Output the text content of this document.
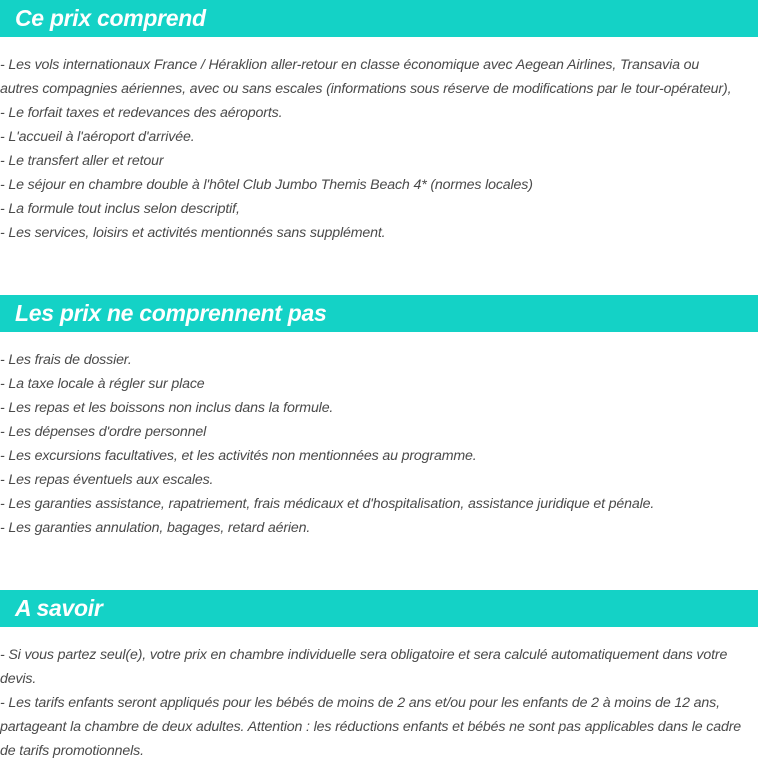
Ce prix comprend
- Les vols internationaux France / Héraklion aller-retour en classe économique avec Aegean Airlines, Transavia ou
autres compagnies aériennes, avec ou sans escales (informations sous réserve de modifications par le tour-opérateur),
- Le forfait taxes et redevances des aéroports.
- L'accueil à l'aéroport d'arrivée.
- Le transfert aller et retour
- Le séjour en chambre double à l'hôtel Club Jumbo Themis Beach 4* (normes locales)
- La formule tout inclus selon descriptif,
- Les services, loisirs et activités mentionnés sans supplément.
Les prix ne comprennent pas
- Les frais de dossier.
- La taxe locale à régler sur place
- Les repas et les boissons non inclus dans la formule.
- Les dépenses d'ordre personnel
- Les excursions facultatives, et les activités non mentionnées au programme.
- Les repas éventuels aux escales.
- Les garanties assistance, rapatriement, frais médicaux et d'hospitalisation, assistance juridique et pénale.
- Les garanties annulation, bagages, retard aérien.
A savoir
- Si vous partez seul(e), votre prix en chambre individuelle sera obligatoire et sera calculé automatiquement dans votre devis.
- Les tarifs enfants seront appliqués pour les bébés de moins de 2 ans et/ou pour les enfants de 2 à moins de 12 ans, partageant la chambre de deux adultes. Attention : les réductions enfants et bébés ne sont pas applicables dans le cadre de tarifs promotionnels.
